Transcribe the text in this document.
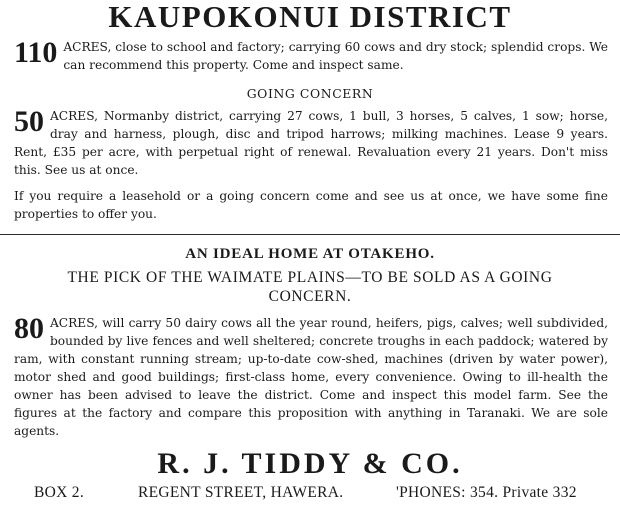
KAUPOKONUI DISTRICT
110 ACRES, close to school and factory; carrying 60 cows and dry stock; splendid crops. We can recommend this property. Come and inspect same.
GOING CONCERN
50 ACRES, Normanby district, carrying 27 cows, 1 bull, 3 horses, 5 calves, 1 sow; horse, dray and harness, plough, disc and tripod harrows; milking machines. Lease 9 years. Rent, £35 per acre, with perpetual right of renewal. Revaluation every 21 years. Don't miss this. See us at once.
If you require a leasehold or a going concern come and see us at once, we have some fine properties to offer you.
AN IDEAL HOME AT OTAKEHO.
THE PICK OF THE WAIMATE PLAINS—TO BE SOLD AS A GOING CONCERN.
80 ACRES, will carry 50 dairy cows all the year round, heifers, pigs, calves; well subdivided, bounded by live fences and well sheltered; concrete troughs in each paddock; watered by ram, with constant running stream; up-to-date cow-shed, machines (driven by water power), motor shed and good buildings; first-class home, every convenience. Owing to ill-health the owner has been advised to leave the district. Come and inspect this model farm. See the figures at the factory and compare this proposition with anything in Taranaki. We are sole agents.
R. J. TIDDY & CO.
BOX 2.	REGENT STREET, HAWERA.	'PHONES: 354. Private 332
